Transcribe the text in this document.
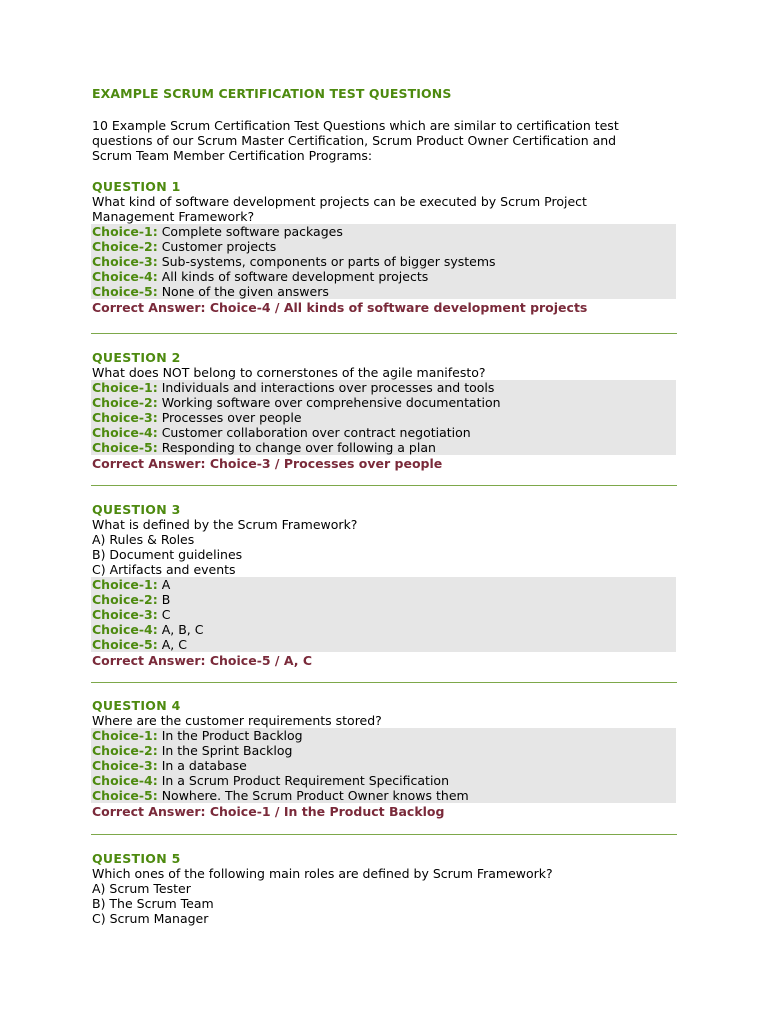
EXAMPLE SCRUM CERTIFICATION TEST QUESTIONS
10 Example Scrum Certification Test Questions which are similar to certification test
questions of our Scrum Master Certification, Scrum Product Owner Certification and
Scrum Team Member Certification Programs:
QUESTION 1
What kind of software development projects can be executed by Scrum Project
Management Framework?
Choice-1: Complete software packages
Choice-2: Customer projects
Choice-3: Sub-systems, components or parts of bigger systems
Choice-4: All kinds of software development projects
Choice-5: None of the given answers
Correct Answer: Choice-4 / All kinds of software development projects
QUESTION 2
What does NOT belong to cornerstones of the agile manifesto?
Choice-1: Individuals and interactions over processes and tools
Choice-2: Working software over comprehensive documentation
Choice-3: Processes over people
Choice-4: Customer collaboration over contract negotiation
Choice-5: Responding to change over following a plan
Correct Answer: Choice-3 / Processes over people
QUESTION 3
What is defined by the Scrum Framework?
A) Rules & Roles
B) Document guidelines
C) Artifacts and events
Choice-1: A
Choice-2: B
Choice-3: C
Choice-4: A, B, C
Choice-5: A, C
Correct Answer: Choice-5 / A, C
QUESTION 4
Where are the customer requirements stored?
Choice-1: In the Product Backlog
Choice-2: In the Sprint Backlog
Choice-3: In a database
Choice-4: In a Scrum Product Requirement Specification
Choice-5: Nowhere. The Scrum Product Owner knows them
Correct Answer: Choice-1 / In the Product Backlog
QUESTION 5
Which ones of the following main roles are defined by Scrum Framework?
A) Scrum Tester
B) The Scrum Team
C) Scrum Manager
